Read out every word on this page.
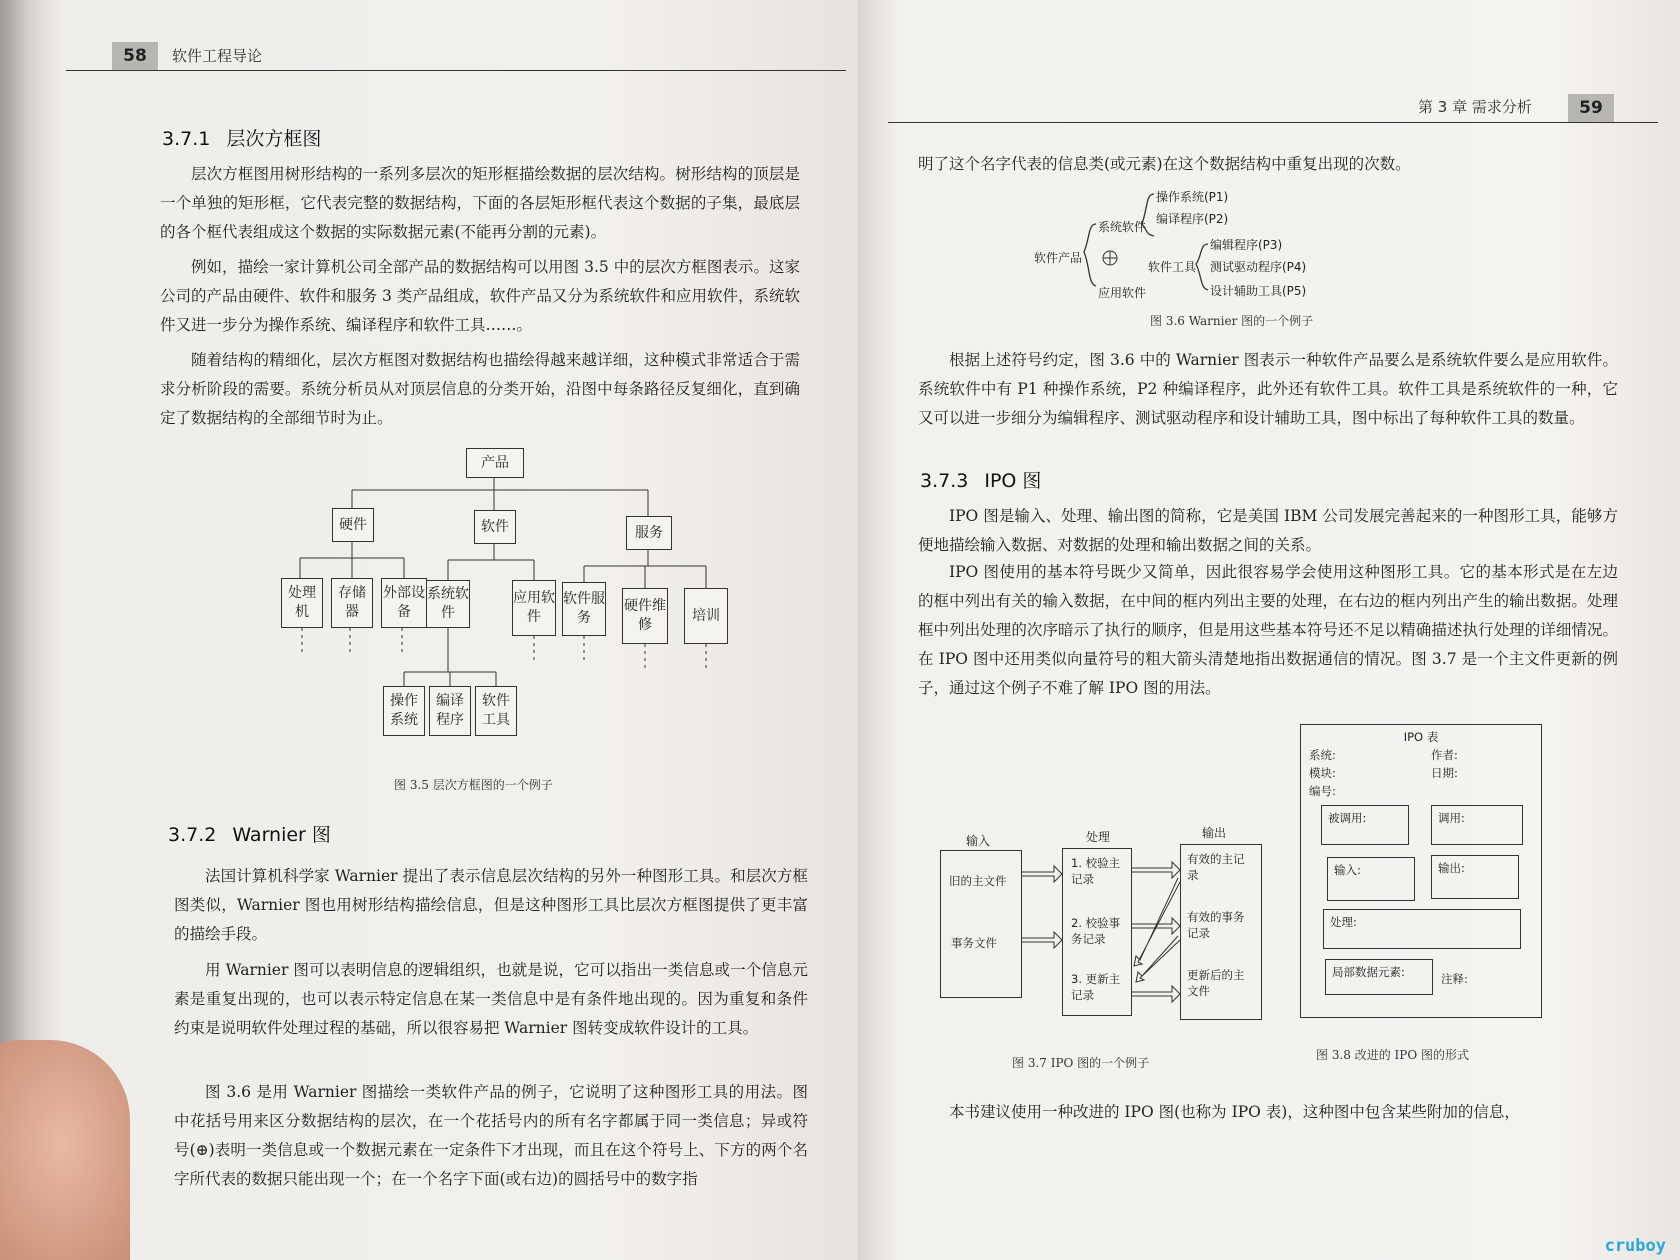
58	软件工程导论
3.7.1 层次方框图

层次方框图用树形结构的一系列多层次的矩形框描绘数据的层次结构。树形结构的顶层是一个单独的矩形框，它代表完整的数据结构，下面的各层矩形框代表这个数据的子集，最底层的各个框代表组成这个数据的实际数据元素(不能再分割的元素)。

例如，描绘一家计算机公司全部产品的数据结构可以用图 3.5 中的层次方框图表示。这家公司的产品由硬件、软件和服务 3 类产品组成，软件产品又分为系统软件和应用软件，系统软件又进一步分为操作系统、编译程序和软件工具……。

随着结构的精细化，层次方框图对数据结构也描绘得越来越详细，这种模式非常适合于需求分析阶段的需要。系统分析员从对顶层信息的分类开始，沿图中每条路径反复细化，直到确定了数据结构的全部细节时为止。

产品
硬件	软件	服务
处理机
存储器
外部设备
系统软件
应用软件
软件服务
硬件维修
培训
操作系统
编译程序
软件工具
图 3.5 层次方框图的一个例子
3.7.2 Warnier 图

法国计算机科学家 Warnier 提出了表示信息层次结构的另外一种图形工具。和层次方框图类似，Warnier 图也用树形结构描绘信息，但是这种图形工具比层次方框图提供了更丰富的描绘手段。

用 Warnier 图可以表明信息的逻辑组织，也就是说，它可以指出一类信息或一个信息元素是重复出现的，也可以表示特定信息在某一类信息中是有条件地出现的。因为重复和条件约束是说明软件处理过程的基础，所以很容易把 Warnier 图转变成软件设计的工具。

图 3.6 是用 Warnier 图描绘一类软件产品的例子，它说明了这种图形工具的用法。图中花括号用来区分数据结构的层次，在一个花括号内的所有名字都属于同一类信息；异或符号(⊕)表明一类信息或一个数据元素在一定条件下才出现，而且在这个符号上、下方的两个名字所代表的数据只能出现一个；在一个名字下面(或右边)的圆括号中的数字指

第 3 章 需求分析	59

明了这个名字代表的信息类(或元素)在这个数据结构中重复出现的次数。

软件产品
系统软件
应用软件
操作系统(P1)
编译程序(P2)
软件工具
编辑程序(P3)
测试驱动程序(P4)
设计辅助工具(P5)
图 3.6 Warnier 图的一个例子

根据上述符号约定，图 3.6 中的 Warnier 图表示一种软件产品要么是系统软件要么是应用软件。系统软件中有 P1 种操作系统，P2 种编译程序，此外还有软件工具。软件工具是系统软件的一种，它又可以进一步细分为编辑程序、测试驱动程序和设计辅助工具，图中标出了每种软件工具的数量。

3.7.3 IPO 图

IPO 图是输入、处理、输出图的简称，它是美国 IBM 公司发展完善起来的一种图形工具，能够方便地描绘输入数据、对数据的处理和输出数据之间的关系。

IPO 图使用的基本符号既少又简单，因此很容易学会使用这种图形工具。它的基本形式是在左边的框中列出有关的输入数据，在中间的框内列出主要的处理，在右边的框内列出产生的输出数据。处理框中列出处理的次序暗示了执行的顺序，但是用这些基本符号还不足以精确描述执行处理的详细情况。在 IPO 图中还用类似向量符号的粗大箭头清楚地指出数据通信的情况。图 3.7 是一个主文件更新的例子，通过这个例子不难了解 IPO 图的用法。

输入	处理	输出
旧的主文件
事务文件
1. 校验主记录
2. 校验事务记录
3. 更新主记录
有效的主记录
有效的事务记录
更新后的主文件
图 3.7 IPO 图的一个例子
IPO 表
系统:	作者:
模块:	日期:
编号:
被调用:	调用:
输入:	输出:
处理:
局部数据元素:	注释:
图 3.8 改进的 IPO 图的形式

本书建议使用一种改进的 IPO 图(也称为 IPO 表)，这种图中包含某些附加的信息，

cruboy
